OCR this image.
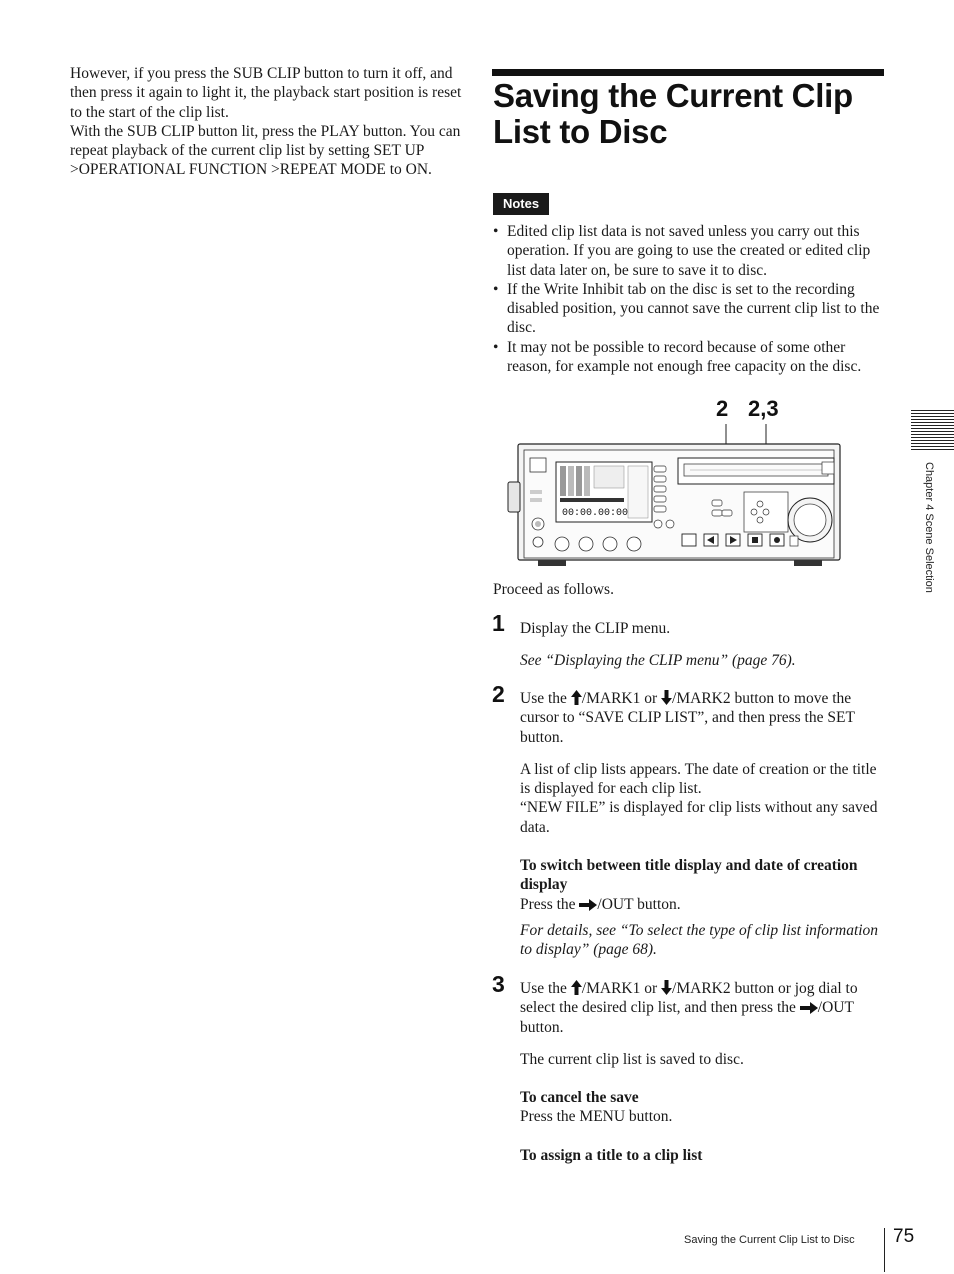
However, if you press the SUB CLIP button to turn it off, and then press it again to light it, the playback start position is reset to the start of the clip list.

With the SUB CLIP button lit, press the PLAY button. You can repeat playback of the current clip list by setting SET UP >OPERATIONAL FUNCTION >REPEAT MODE to ON.

Saving the Current Clip
List to Disc
Notes
• Edited clip list data is not saved unless you carry out this operation. If you are going to use the created or edited clip list data later on, be sure to save it to disc.
• If the Write Inhibit tab on the disc is set to the recording disabled position, you cannot save the current clip list to the disc.
• It may not be possible to record because of some other reason, for example not enough free capacity on the disc.
2 2,3
00:00.00:00
Proceed as follows.
1 Display the CLIP menu.

See “Displaying the CLIP menu” (page 76).

2 Use the /MARK1 or /MARK2 button to move the cursor to “SAVE CLIP LIST”, and then press the SET button.

A list of clip lists appears. The date of creation or the title is displayed for each clip list.

“NEW FILE” is displayed for clip lists without any saved data.

To switch between title display and date of creation display

Press the /OUT button.

For details, see “To select the type of clip list information to display” (page 68).

3 Use the /MARK1 or /MARK2 button or jog dial to select the desired clip list, and then press the /OUT button.

The current clip list is saved to disc.

To cancel the save

Press the MENU button.

To assign a title to a clip list

Chapter 4 Scene Selection
Saving the Current Clip List to Disc 75
